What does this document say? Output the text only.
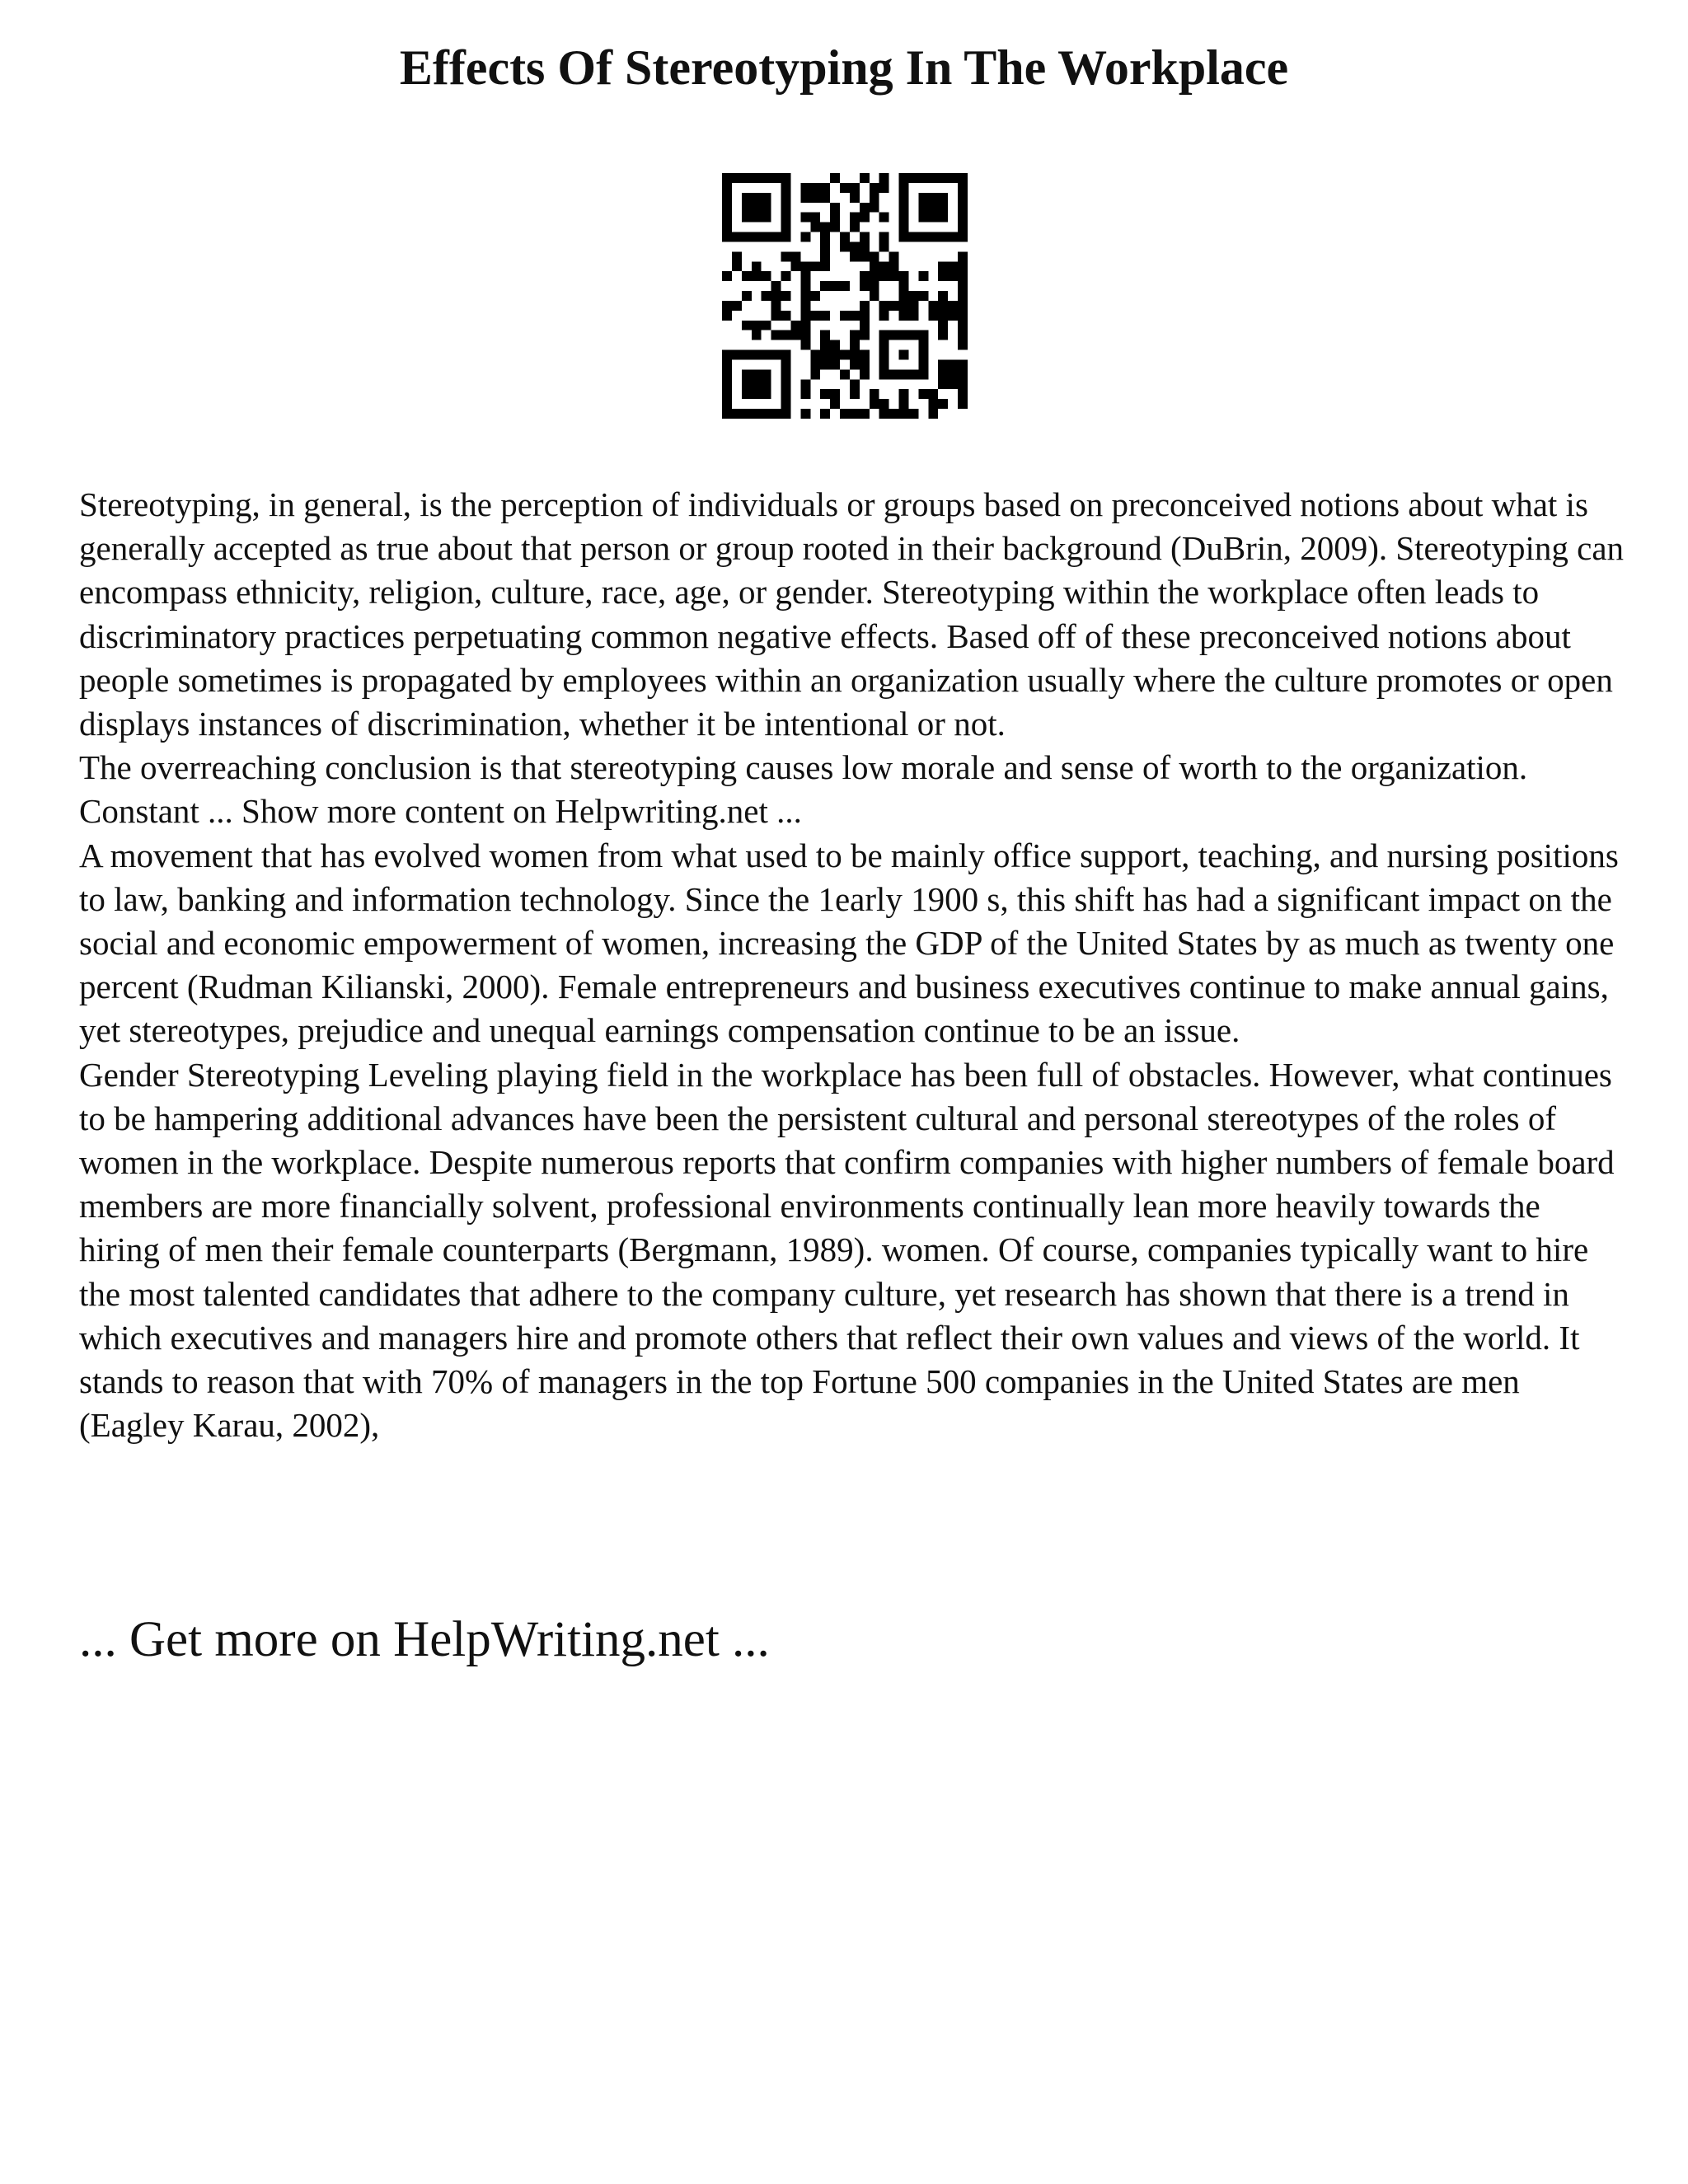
Effects Of Stereotyping In The Workplace

Stereotyping, in general, is the perception of individuals or groups based on preconceived notions about what is generally accepted as true about that person or group rooted in their background (DuBrin, 2009). Stereotyping can encompass ethnicity, religion, culture, race, age, or gender. Stereotyping within the workplace often leads to discriminatory practices perpetuating common negative effects. Based off of these preconceived notions about people sometimes is propagated by employees within an organization usually where the culture promotes or open displays instances of discrimination, whether it be intentional or not.

The overreaching conclusion is that stereotyping causes low morale and sense of worth to the organization. Constant ... Show more content on Helpwriting.net ...

A movement that has evolved women from what used to be mainly office support, teaching, and nursing positions to law, banking and information technology. Since the 1early 1900 s, this shift has had a significant impact on the social and economic empowerment of women, increasing the GDP of the United States by as much as twenty one percent (Rudman Kilianski, 2000). Female entrepreneurs and business executives continue to make annual gains, yet stereotypes, prejudice and unequal earnings compensation continue to be an issue.

Gender Stereotyping Leveling playing field in the workplace has been full of obstacles. However, what continues to be hampering additional advances have been the persistent cultural and personal stereotypes of the roles of women in the workplace. Despite numerous reports that confirm companies with higher numbers of female board members are more financially solvent, professional environments continually lean more heavily towards the hiring of men their female counterparts (Bergmann, 1989). women. Of course, companies typically want to hire the most talented candidates that adhere to the company culture, yet research has shown that there is a trend in which executives and managers hire and promote others that reflect their own values and views of the world. It stands to reason that with 70% of managers in the top Fortune 500 companies in the United States are men (Eagley Karau, 2002),

... Get more on HelpWriting.net ...
